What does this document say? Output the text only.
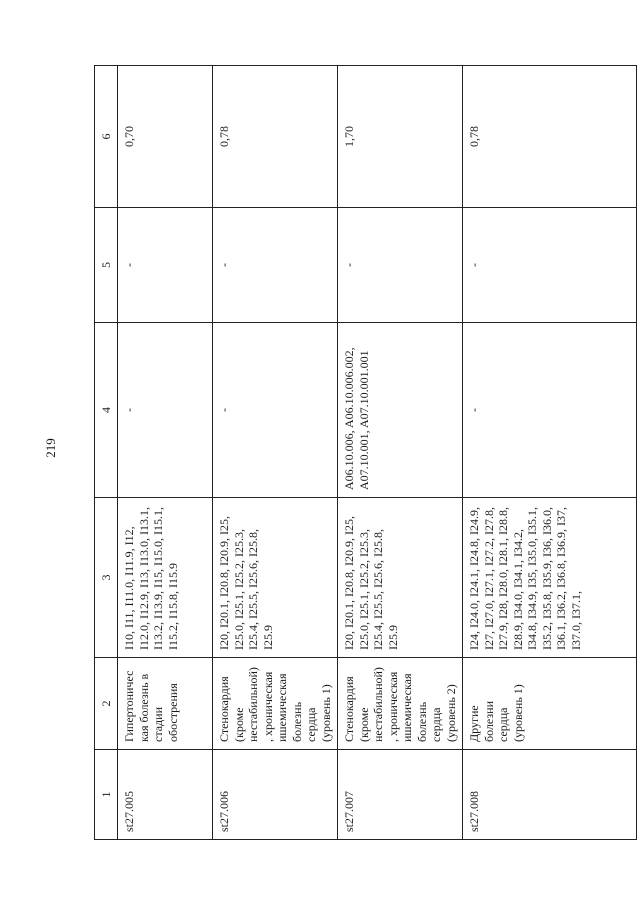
219
1	2	3	4	5	6
st27.005	Гипертоническая болезнь в стадии обострения	I10, I11, I11.0, I11.9, I12, I12.0, I12.9, I13, I13.0, I13.1, I13.2, I13.9, I15, I15.0, I15.1, I15.2, I15.8, I15.9	-	-	0,70
st27.006	Стенокардия (кроме нестабильной), хроническая ишемическая болезнь сердца (уровень 1)	I20, I20.1, I20.8, I20.9, I25, I25.0, I25.1, I25.2, I25.3, I25.4, I25.5, I25.6, I25.8, I25.9	-	-	0,78
st27.007	Стенокардия (кроме нестабильной), хроническая ишемическая болезнь сердца (уровень 2)	I20, I20.1, I20.8, I20.9, I25, I25.0, I25.1, I25.2, I25.3, I25.4, I25.5, I25.6, I25.8, I25.9	A06.10.006, A06.10.006.002, A07.10.001, A07.10.001.001	-	1,70
st27.008	Другие болезни сердца (уровень 1)	I24, I24.0, I24.1, I24.8, I24.9, I27, I27.0, I27.1, I27.2, I27.8, I27.9, I28, I28.0, I28.1, I28.8, I28.9, I34.0, I34.1, I34.2, I34.8, I34.9, I35, I35.0, I35.1, I35.2, I35.8, I35.9, I36, I36.0, I36.1, I36.2, I36.8, I36.9, I37, I37.0, I37.1,	-	-	0,78
